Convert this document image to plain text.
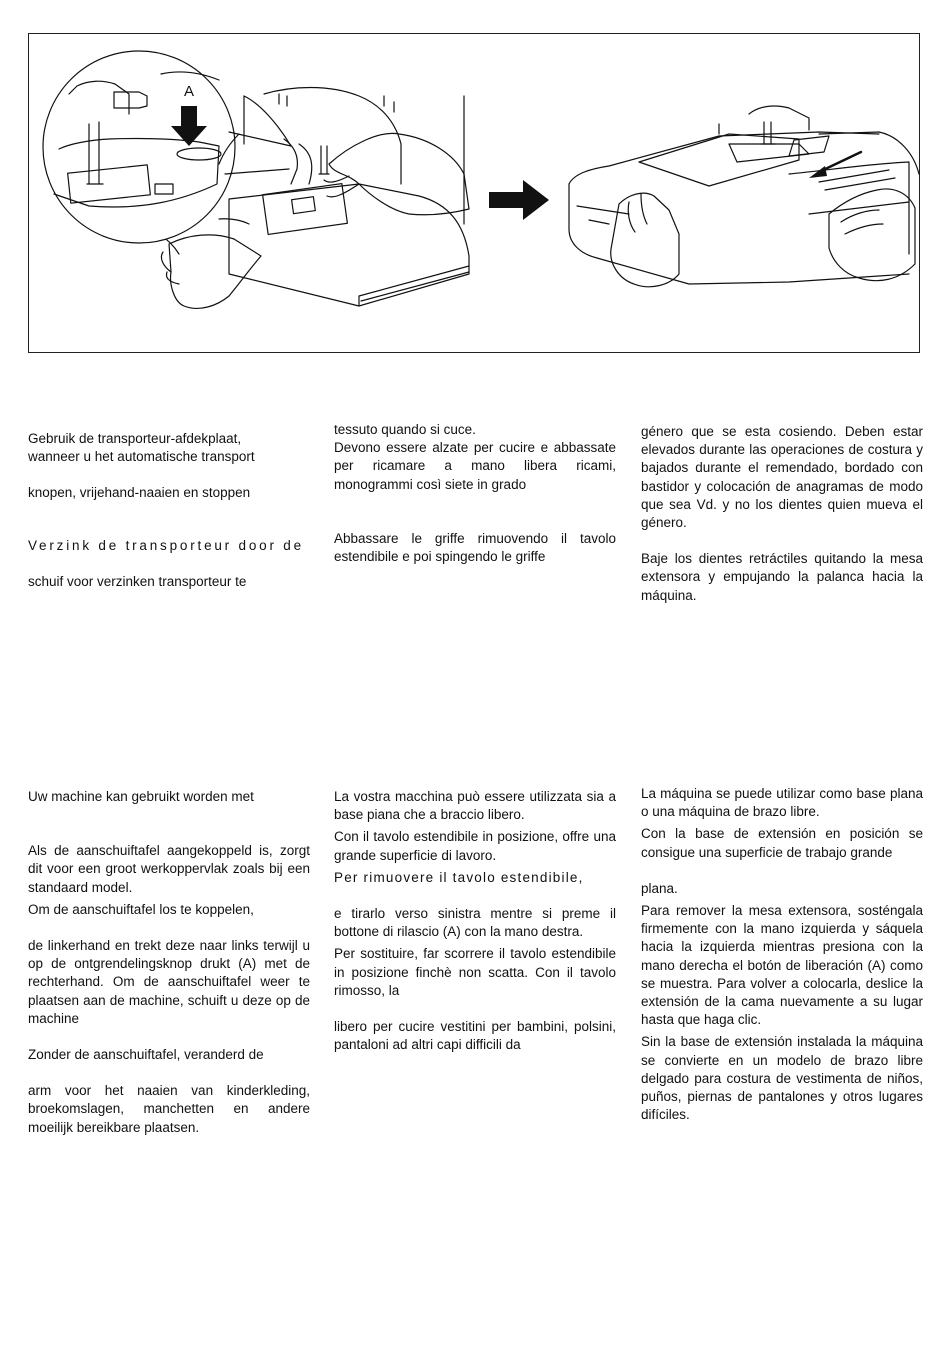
A

Gebruik de transporteur-afdekplaat,

wanneer u het automatische transport

knopen, vrijehand-naaien en stoppen

Verzink de transporteur door de

schuif voor verzinken transporteur te

tessuto quando si cuce.

Devono essere alzate per cucire e abbassate per ricamare a mano libera ricami, monogrammi così siete in grado

Abbassare le griffe rimuovendo il tavolo estendibile e poi spingendo le griffe

género que se esta cosiendo. Deben estar elevados durante las operaciones de costura y bajados durante el remendado, bordado con bastidor y colocación de anagramas de modo que sea Vd. y no los dientes quien mueva el género.

Baje los dientes retráctiles quitando la mesa extensora y empujando la palanca hacia la máquina.

Uw machine kan gebruikt worden met

Als de aanschuiftafel aangekoppeld is, zorgt dit voor een groot werkoppervlak zoals bij een standaard model.

Om de aanschuiftafel los te koppelen,

de linkerhand en trekt deze naar links terwijl u op de ontgrendelingsknop drukt (A) met de rechterhand. Om de aanschuiftafel weer te plaatsen aan de machine, schuift u deze op de machine

Zonder de aanschuiftafel, veranderd de

arm voor het naaien van kinderkleding, broekomslagen, manchetten en andere moeilijk bereikbare plaatsen.

La vostra macchina può essere utilizzata sia a base piana che a braccio libero.

Con il tavolo estendibile in posizione, offre una grande superficie di lavoro.

Per rimuovere il tavolo estendibile,

e tirarlo verso sinistra mentre si preme il bottone di rilascio (A) con la mano destra.

Per sostituire, far scorrere il tavolo estendibile in posizione finchè non scatta. Con il tavolo rimosso, la

libero per cucire vestitini per bambini, polsini, pantaloni ad altri capi difficili da

La máquina se puede utilizar como base plana o una máquina de brazo libre.

Con la base de extensión en posición se consigue una superficie de trabajo grande

plana.

Para remover la mesa extensora, sosténgala firmemente con la mano izquierda y sáquela hacia la izquierda mientras presiona con la mano derecha el botón de liberación (A) como se muestra. Para volver a colocarla, deslice la extensión de la cama nuevamente a su lugar hasta que haga clic.

Sin la base de extensión instalada la máquina se convierte en un modelo de brazo libre delgado para costura de vestimenta de niños, puños, piernas de pantalones y otros lugares difíciles.
